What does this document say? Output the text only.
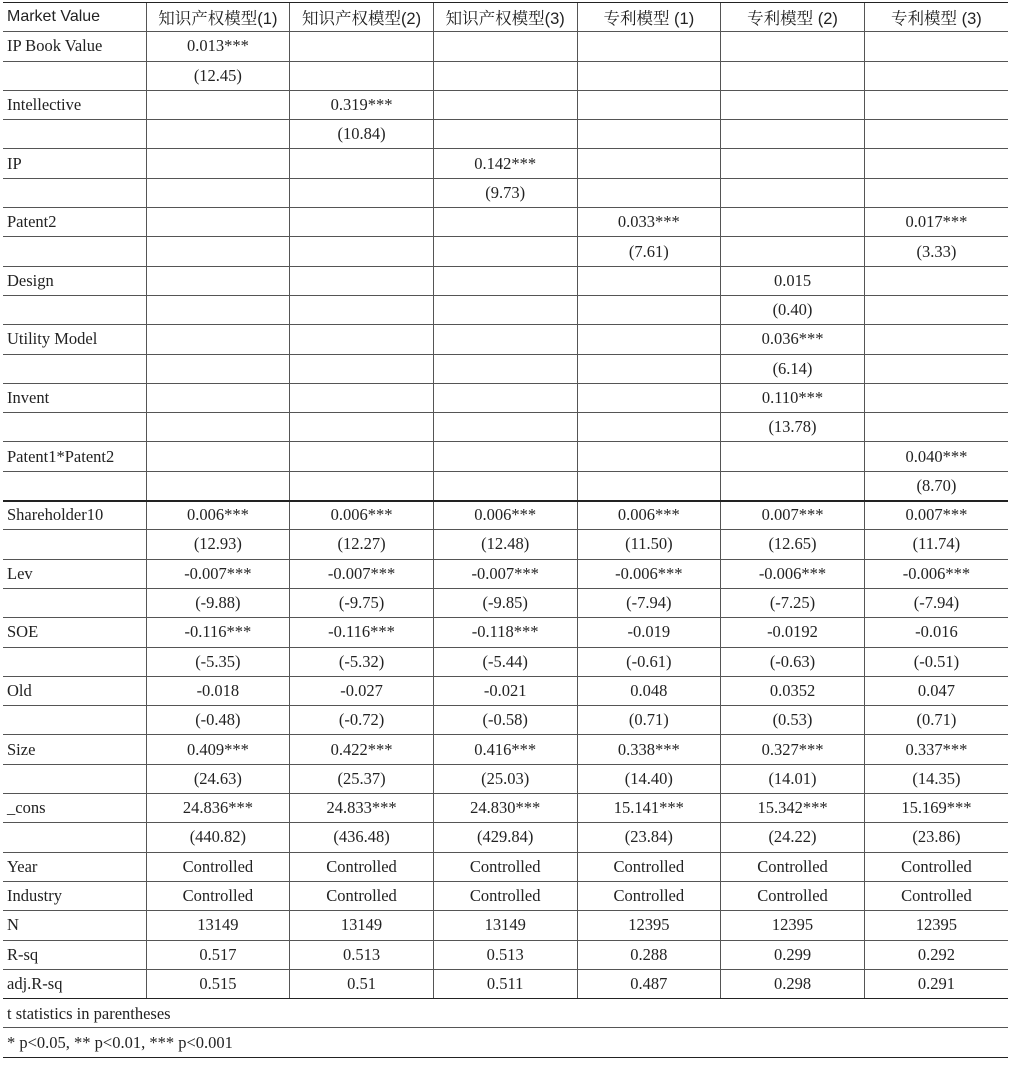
Market Value	知识产权模型(1)	知识产权模型(2)	知识产权模型(3)	专利模型 (1)	专利模型 (2)	专利模型 (3)
IP Book Value	0.013***					
	(12.45)					
Intellective		0.319***				
		(10.84)				
IP			0.142***			
			(9.73)			
Patent2				0.033***		0.017***
				(7.61)		(3.33)
Design					0.015	
					(0.40)	
Utility Model					0.036***	
					(6.14)	
Invent					0.110***	
					(13.78)	
Patent1*Patent2						0.040***
						(8.70)
Shareholder10	0.006***	0.006***	0.006***	0.006***	0.007***	0.007***
	(12.93)	(12.27)	(12.48)	(11.50)	(12.65)	(11.74)
Lev	-0.007***	-0.007***	-0.007***	-0.006***	-0.006***	-0.006***
	(-9.88)	(-9.75)	(-9.85)	(-7.94)	(-7.25)	(-7.94)
SOE	-0.116***	-0.116***	-0.118***	-0.019	-0.0192	-0.016
	(-5.35)	(-5.32)	(-5.44)	(-0.61)	(-0.63)	(-0.51)
Old	-0.018	-0.027	-0.021	0.048	0.0352	0.047
	(-0.48)	(-0.72)	(-0.58)	(0.71)	(0.53)	(0.71)
Size	0.409***	0.422***	0.416***	0.338***	0.327***	0.337***
	(24.63)	(25.37)	(25.03)	(14.40)	(14.01)	(14.35)
_cons	24.836***	24.833***	24.830***	15.141***	15.342***	15.169***
	(440.82)	(436.48)	(429.84)	(23.84)	(24.22)	(23.86)
Year	Controlled	Controlled	Controlled	Controlled	Controlled	Controlled
Industry	Controlled	Controlled	Controlled	Controlled	Controlled	Controlled
N	13149	13149	13149	12395	12395	12395
R-sq	0.517	0.513	0.513	0.288	0.299	0.292
adj.R-sq	0.515	0.51	0.511	0.487	0.298	0.291
t statistics in parentheses
* p<0.05, ** p<0.01, *** p<0.001
